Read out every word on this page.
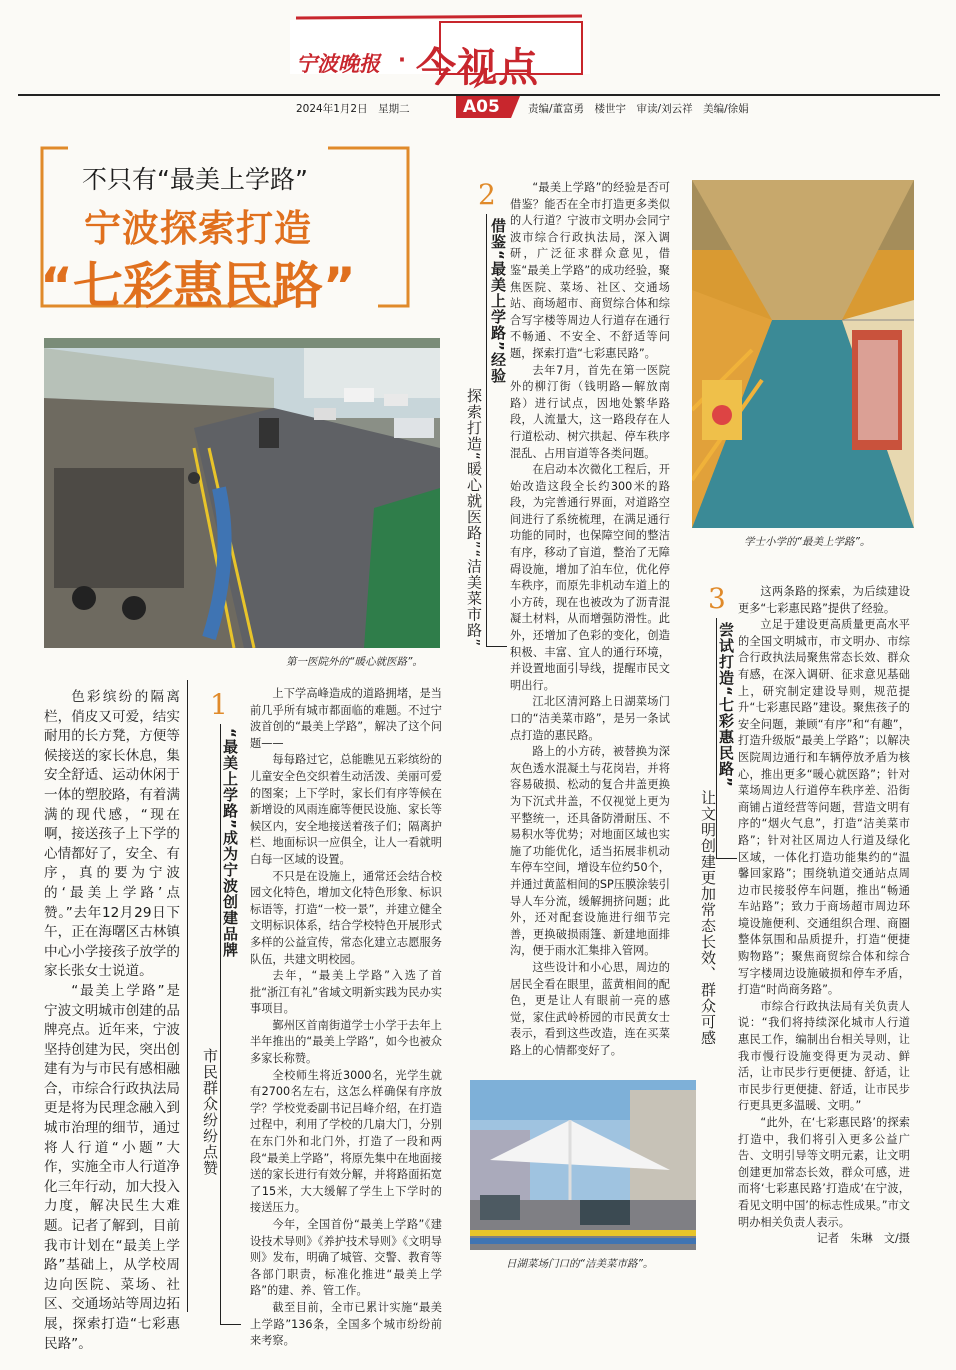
宁波晚报 · 今视点
2024年1月2日　星期二	A05	责编/董富勇　楼世宇　审读/刘云祥　美编/徐娟
不只有“最美上学路”
宁波探索打造
“七彩惠民路”
第一医院外的“暖心就医路”。
学士小学的“最美上学路”。
日湖菜场门口的“洁美菜市路”。

色彩缤纷的隔离栏，俏皮又可爱，结实耐用的长方凳，方便等候接送的家长休息，集安全舒适、运动休闲于一体的塑胶路，有着满满的现代感，“现在啊，接送孩子上下学的心情都好了，安全、有序，真的要为宁波的‘最美上学路’点赞。”去年12月29日下午，正在海曙区古林镇中心小学接孩子放学的家长张女士说道。

“最美上学路”是宁波文明城市创建的品牌亮点。近年来，宁波坚持创建为民，突出创建有为与市民有感相融合，市综合行政执法局更是将为民理念融入到城市治理的细节，通过将人行道“小题”大作，实施全市人行道净化三年行动，加大投入力度，解决民生大难题。记者了解到，目前我市计划在“最美上学路”基础上，从学校周边向医院、菜场、社区、交通场站等周边拓展，探索打造“七彩惠民路”。

1
“最美上学路”成为宁波创建品牌
市民群众纷纷点赞

上下学高峰造成的道路拥堵，是当前几乎所有城市都面临的难题。不过宁波首创的“最美上学路”，解决了这个问题——

每每路过它，总能瞧见五彩缤纷的儿童安全色交织着生动活泼、美丽可爱的图案；上下学时，家长们有序等候在新增设的风雨连廊等便民设施、家长等候区内，安全地接送着孩子们；隔离护栏、地面标识一应俱全，让人一看就明白每一区域的设置。

不只是在设施上，通常还会结合校园文化特色，增加文化特色形象、标识标语等，打造“一校一景”，并建立健全文明标识体系，结合学校特色开展形式多样的公益宣传，常态化建立志愿服务队伍，共建文明校园。

去年，“最美上学路”入选了首批“浙江有礼”省域文明新实践为民办实事项目。

鄞州区首南街道学士小学于去年上半年推出的“最美上学路”，如今也被众多家长称赞。

全校师生将近3000名，光学生就有2700名左右，这怎么样确保有序放学？学校党委副书记吕峰介绍，在打造过程中，利用了学校的几扇大门，分别在东门外和北门外，打造了一段和两段“最美上学路”，将原先集中在地面接送的家长进行有效分解，并将路面拓宽了15米，大大缓解了学生上下学时的接送压力。

今年，全国首份“最美上学路”《建设技术导则》《养护技术导则》《文明导则》发布，明确了城管、交警、教育等各部门职责，标准化推进“最美上学路”的建、养、管工作。

截至目前，全市已累计实施“最美上学路”136条，全国多个城市纷纷前来考察。

2
借鉴“最美上学路”经验
探索打造“暖心就医路”“洁美菜市路”

“最美上学路”的经验是否可借鉴？能否在全市打造更多类似的人行道？宁波市文明办会同宁波市综合行政执法局，深入调研，广泛征求群众意见，借鉴“最美上学路”的成功经验，聚焦医院、菜场、社区、交通场站、商场超市、商贸综合体和综合写字楼等周边人行道存在通行不畅通、不安全、不舒适等问题，探索打造“七彩惠民路”。

去年7月，首先在第一医院外的柳汀街（钱明路—解放南路）进行试点，因地处繁华路段，人流量大，这一路段存在人行道松动、树穴拱起、停车秩序混乱、占用盲道等各类问题。

在启动本次微化工程后，开始改造这段全长约300米的路段，为完善通行界面，对道路空间进行了系统梳理，在满足通行功能的同时，也保障空间的整洁有序，移动了盲道，整治了无障碍设施，增加了泊车位，优化停车秩序，而原先非机动车道上的小方砖，现在也被改为了沥青混凝土材料，从而增强防滑性。此外，还增加了色彩的变化，创造积极、丰富、宜人的通行环境，并设置地面引导线，提醒市民文明出行。

江北区清河路上日湖菜场门口的“洁美菜市路”，是另一条试点打造的惠民路。

路上的小方砖，被替换为深灰色透水混凝土与花岗岩，并将容易破损、松动的复合井盖更换为下沉式井盖，不仅视觉上更为平整统一，还具备防滑耐压、不易积水等优势；对地面区域也实施了功能优化，适当拓展非机动车停车空间，增设车位约50个，并通过黄蓝相间的SP压膜涂装引导人车分流，缓解拥挤问题；此外，还对配套设施进行细节完善，更换破损雨篷、新建地面排沟，便于雨水汇集排入管网。

这些设计和小心思，周边的居民全看在眼里，蓝黄相间的配色，更是让人有眼前一亮的感觉，家住武岭桥园的市民黄女士表示，看到这些改造，连在买菜路上的心情都变好了。

3
尝试打造“七彩惠民路”
让文明创建更加常态长效、群众可感

这两条路的探索，为后续建设更多“七彩惠民路”提供了经验。

立足于建设更高质量更高水平的全国文明城市，市文明办、市综合行政执法局聚焦常态长效、群众有感，在深入调研、征求意见基础上，研究制定建设导则，规范提升“七彩惠民路”建设。聚焦孩子的安全问题，兼顾“有序”和“有趣”，打造升级版“最美上学路”；以解决医院周边通行和车辆停放矛盾为核心，推出更多“暖心就医路”；针对菜场周边人行道停车秩序差、沿街商铺占道经营等问题，营造文明有序的“烟火气息”，打造“洁美菜市路”；针对社区周边人行道及绿化区域，一体化打造功能集约的“温馨回家路”；围绕轨道交通站点周边市民接驳停车问题，推出“畅通车站路”；致力于商场超市周边环境设施便利、交通组织合理、商圈整体氛围和品质提升，打造“便捷购物路”；聚焦商贸综合体和综合写字楼周边设施破损和停车矛盾，打造“时尚商务路”。

市综合行政执法局有关负责人说：“我们将持续深化城市人行道惠民工作，编制出台相关导则，让我市慢行设施变得更为灵动、鲜活，让市民步行更便捷、舒适，让市民步行更便捷、舒适，让市民步行更具更多温暖、文明。”

“此外，在‘七彩惠民路’的探索打造中，我们将引入更多公益广告、文明引导等文明元素，让文明创建更加常态长效，群众可感，进而将‘七彩惠民路’打造成‘在宁波，看见文明中国’的标志性成果。”市文明办相关负责人表示。

记者　朱琳　文/摄
